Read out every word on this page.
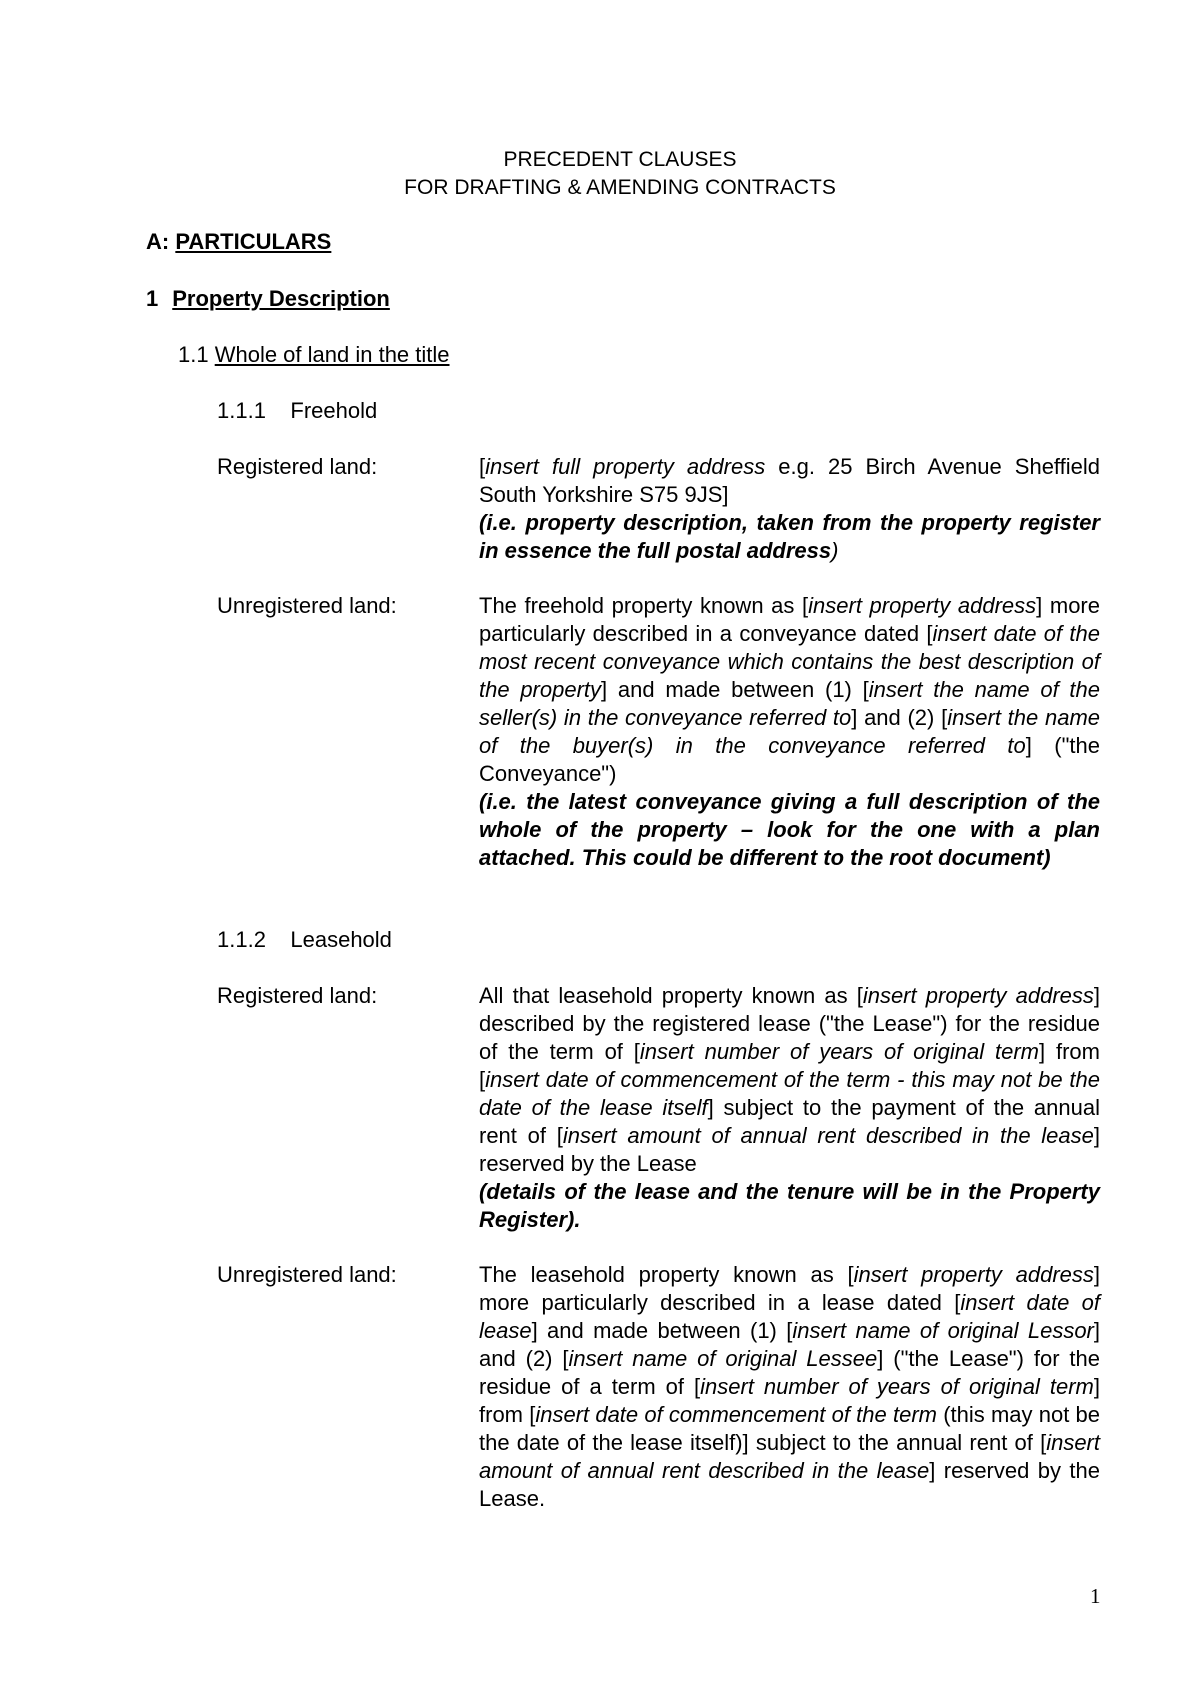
PRECEDENT CLAUSES
FOR DRAFTING & AMENDING CONTRACTS
A: PARTICULARS
1 Property Description
1.1 Whole of land in the title
1.1.1    Freehold
Registered land:	[insert full property address e.g. 25 Birch Avenue Sheffield South Yorkshire S75 9JS]
(i.e. property description, taken from the property register in essence the full postal address)
Unregistered land:	The freehold property known as [insert property address] more particularly described in a conveyance dated [insert date of the most recent conveyance which contains the best description of the property] and made between (1) [insert the name of the seller(s) in the conveyance referred to] and (2) [insert the name of the buyer(s) in the conveyance referred to] ("the Conveyance")
(i.e. the latest conveyance giving a full description of the whole of the property – look for the one with a plan attached. This could be different to the root document)
1.1.2    Leasehold
Registered land:	All that leasehold property known as [insert property address] described by the registered lease ("the Lease") for the residue of the term of [insert number of years of original term] from [insert date of commencement of the term - this may not be the date of the lease itself] subject to the payment of the annual rent of [insert amount of annual rent described in the lease] reserved by the Lease
(details of the lease and the tenure will be in the Property Register).
Unregistered land:	The leasehold property known as [insert property address] more particularly described in a lease dated [insert date of lease] and made between (1) [insert name of original Lessor] and (2) [insert name of original Lessee] ("the Lease") for the residue of a term of [insert number of years of original term] from [insert date of commencement of the term (this may not be the date of the lease itself)] subject to the annual rent of [insert amount of annual rent described in the lease] reserved by the Lease.
1
